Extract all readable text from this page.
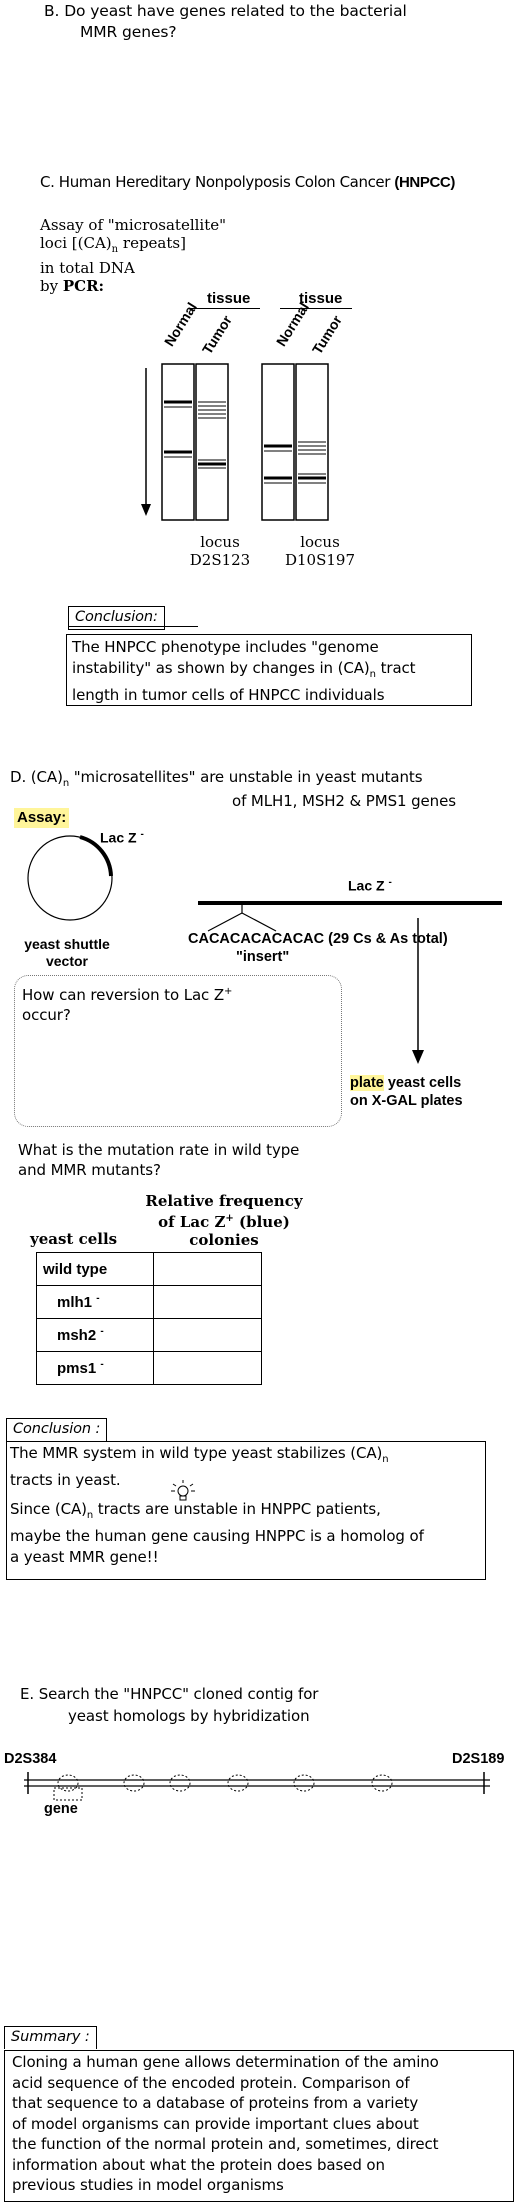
B. Do yeast have genes related to the bacterial
MMR genes?
C. Human Hereditary Nonpolyposis Colon Cancer (HNPCC)
Assay of "microsatellite"
loci [$(CA)_n$ repeats]
in total DNA
by PCR:
tissue	tissue
Normal
Tumor	Normal
Tumor
locus
D2S123
locus
D10S197
Conclusion:
The HNPCC phenotype includes "genome
instability" as shown by changes in $(CA)_n$ tract
length in tumor cells of HNPCC individuals
D. $(CA)_n$ "microsatellites" are unstable in yeast mutants
of MLH1, MSH2 & PMS1 genes
Assay:
Lac Z -
yeast shuttle
vector
Lac Z -
CACACACACACAC (29 Cs & As total)
"insert"
How can reversion to Lac Z+
occur?
plate yeast cells
on X-GAL plates
What is the mutation rate in wild type
and MMR mutants?
Relative frequency
of Lac Z+ (blue)
colonies
yeast cells
wild type	
mlh1 -	
msh2 -	
pms1 -	
Conclusion :
The MMR system in wild type yeast stabilizes $(CA)_n$
tracts in yeast.
Since $(CA)_n$ tracts are unstable in HNPPC patients,
maybe the human gene causing HNPPC is a homolog of
a yeast MMR gene!!
E. Search the "HNPCC" cloned contig for
yeast homologs by hybridization
D2S384	D2S189
gene
Summary :
Cloning a human gene allows determination of the amino
acid sequence of the encoded protein. Comparison of
that sequence to a database of proteins from a variety
of model organisms can provide important clues about
the function of the normal protein and, sometimes, direct
information about what the protein does based on
previous studies in model organisms
